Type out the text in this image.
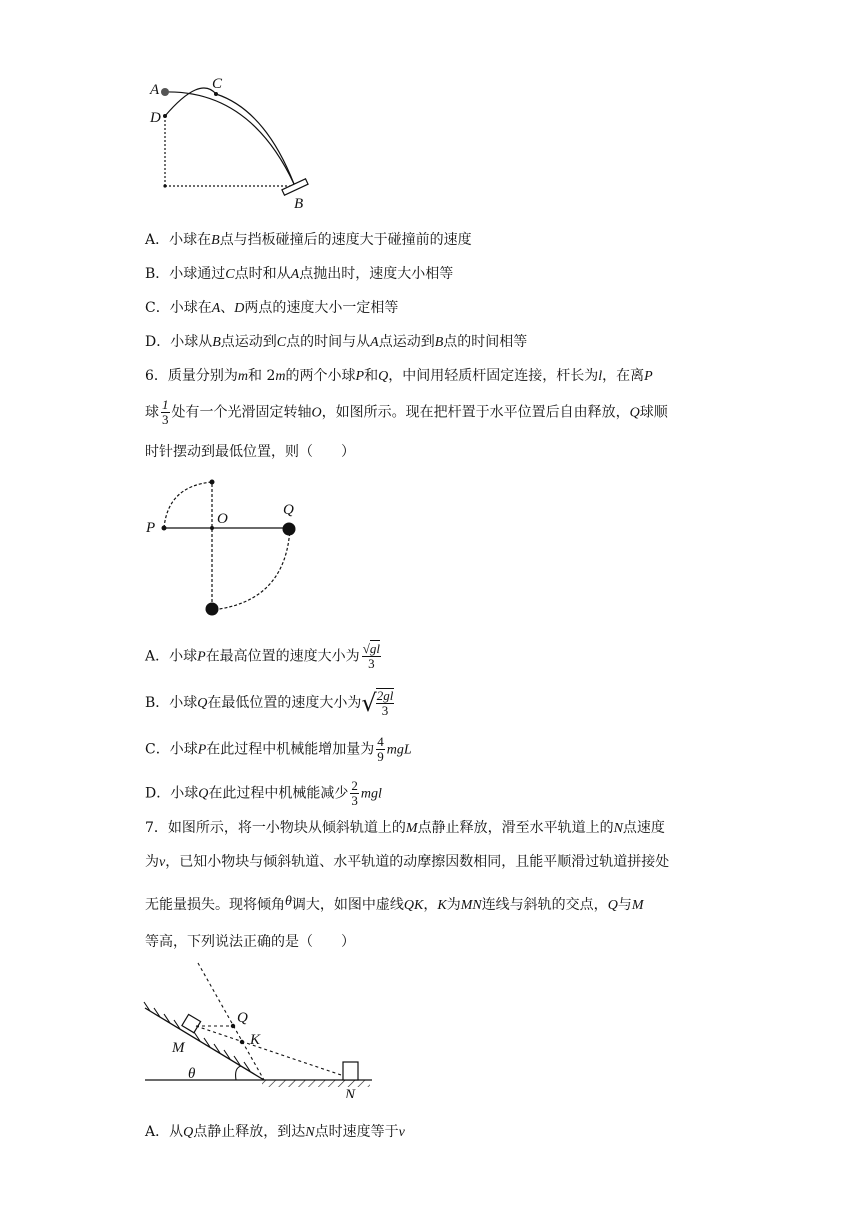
A	C
D
B
A．小球在B点与挡板碰撞后的速度大于碰撞前的速度
B．小球通过C点时和从A点抛出时，速度大小相等
C．小球在A、D两点的速度大小一定相等
D．小球从B点运动到C点的时间与从A点运动到B点的时间相等
6．质量分别为m和 2m的两个小球P和Q，中间用轻质杆固定连接，杆长为l，在离P
球 $\frac{1}{3}$ 处有一个光滑固定转轴O，如图所示。现在把杆置于水平位置后自由释放，Q球顺
时针摆动到最低位置，则（　　）
P
O
Q
A．小球P在最高位置的速度大小为 $\frac{√gl}{3}$
B．小球Q在最低位置的速度大小为√ $\frac{2gl}{3}$
C．小球P在此过程中机械能增加量为 $\frac{4}{9}$ mgL
D．小球Q在此过程中机械能减少 $\frac{2}{3}$ mgl
7．如图所示，将一小物块从倾斜轨道上的M点静止释放，滑至水平轨道上的N点速度
为v，已知小物块与倾斜轨道、水平轨道的动摩擦因数相同，且能平顺滑过轨道拼接处
无能量损失。现将倾角θ调大，如图中虚线QK，K为MN连线与斜轨的交点，Q与M
等高，下列说法正确的是（　　）
Q
K
M
θ
N
A．从Q点静止释放，到达N点时速度等于v
